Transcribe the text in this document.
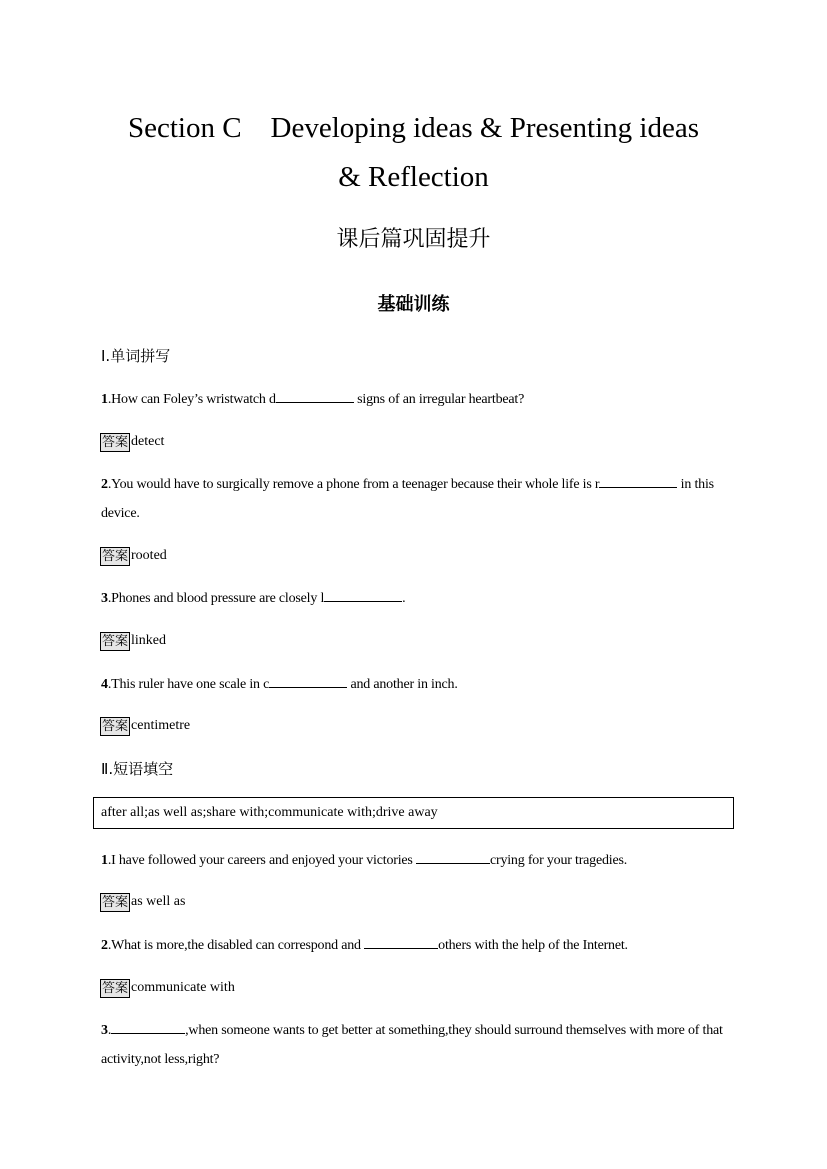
Section C　Developing ideas & Presenting ideas
& Reflection
课后篇巩固提升
基础训练
Ⅰ.单词拼写
1.How can Foley’s wristwatch d	signs of an irregular heartbeat?
答案 detect
2.You would have to surgically remove a phone from a teenager because their whole life is r	in this device.
答案 rooted
3.Phones and blood pressure are closely l	.
答案 linked
4.This ruler have one scale in c	and another in inch.
答案 centimetre
Ⅱ.短语填空
after all;as well as;share with;communicate with;drive away
1.I have followed your careers and enjoyed your victories	crying for your tragedies.
答案 as well as
2.What is more,the disabled can correspond and	others with the help of the Internet.
答案 communicate with
3.	,when someone wants to get better at something,they should surround themselves with more of that activity,not less,right?
